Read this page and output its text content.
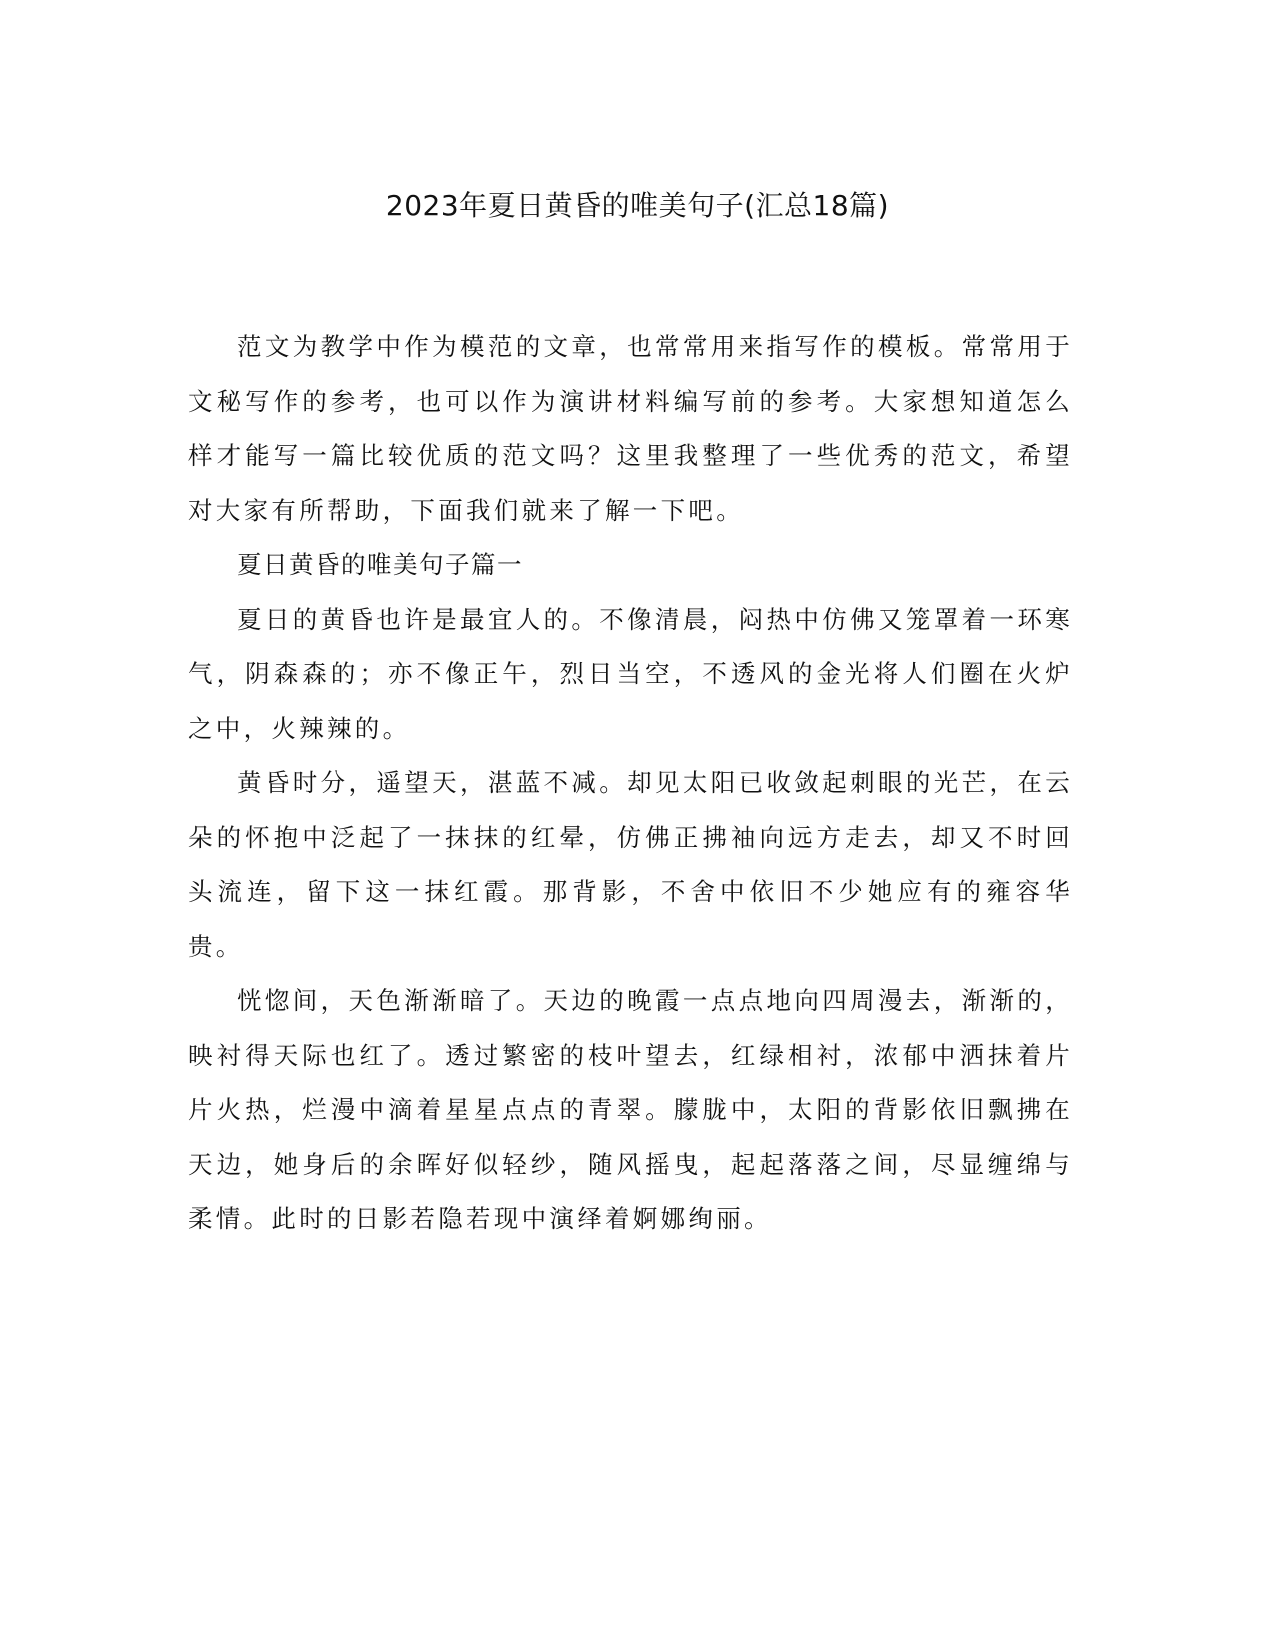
2023年夏日黄昏的唯美句子(汇总18篇)

范文为教学中作为模范的文章，也常常用来指写作的模板。常常用于文秘写作的参考，也可以作为演讲材料编写前的参考。大家想知道怎么样才能写一篇比较优质的范文吗？这里我整理了一些优秀的范文，希望对大家有所帮助，下面我们就来了解一下吧。

夏日黄昏的唯美句子篇一

夏日的黄昏也许是最宜人的。不像清晨，闷热中仿佛又笼罩着一环寒气，阴森森的；亦不像正午，烈日当空，不透风的金光将人们圈在火炉之中，火辣辣的。

黄昏时分，遥望天，湛蓝不减。却见太阳已收敛起刺眼的光芒，在云朵的怀抱中泛起了一抹抹的红晕，仿佛正拂袖向远方走去，却又不时回头流连，留下这一抹红霞。那背影，不舍中依旧不少她应有的雍容华贵。

恍惚间，天色渐渐暗了。天边的晚霞一点点地向四周漫去，渐渐的，映衬得天际也红了。透过繁密的枝叶望去，红绿相衬，浓郁中洒抹着片片火热，烂漫中滴着星星点点的青翠。朦胧中，太阳的背影依旧飘拂在天边，她身后的余晖好似轻纱，随风摇曳，起起落落之间，尽显缠绵与柔情。此时的日影若隐若现中演绎着婀娜绚丽。
